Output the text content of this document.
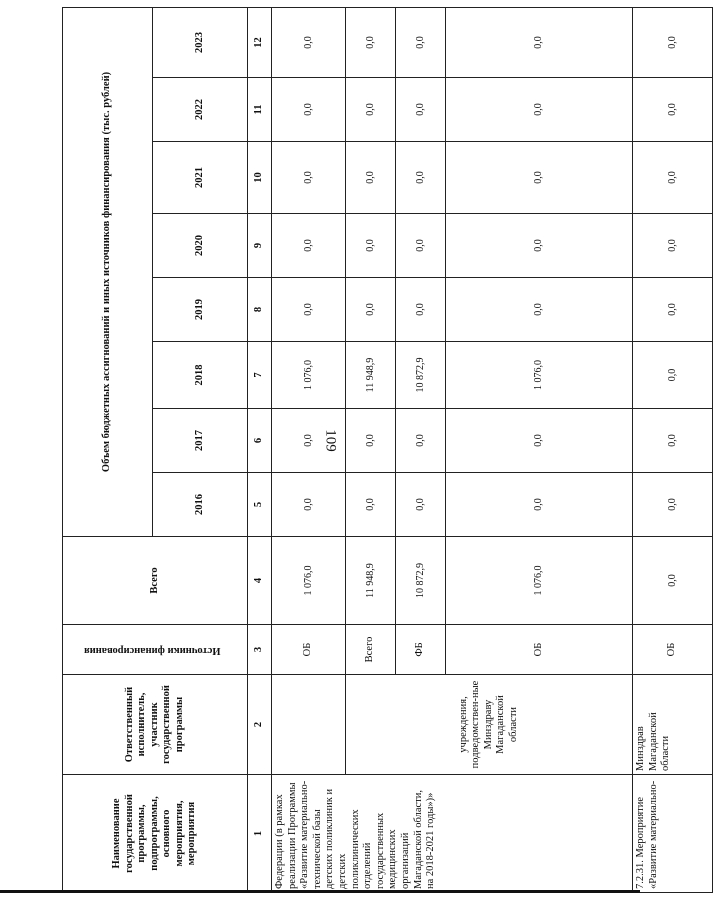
109
Наименование государственной программы, подпрограммы, основного мероприятия, мероприятия	Ответственный исполнитель, участник государственной программы	Источники финансирования	Всего	Объем бюджетных ассигнований и иных источников финансирования (тыс. рублей)							
				2016	2017	2018	2019	2020	2021	2022	2023
1	2	3	4	5	6	7	8	9	10	11	12
Федерации (в рамках реализации Программы «Развитие материально-технической базы детских поликлиник и детских поликлинических отделений государственных медицинских организаций Магаданской области, на 2018-2021 годы»)»		ОБ	1 076,0	0,0	0,0	1 076,0	0,0	0,0	0,0	0,0	0,0
	учреждения, подведомствен-ные Минздраву Магаданской области	Всего	11 948,9	0,0	0,0	11 948,9	0,0	0,0	0,0	0,0	0,0
		ФБ	10 872,9	0,0	0,0	10 872,9	0,0	0,0	0,0	0,0	0,0
		ОБ	1 076,0	0,0	0,0	1 076,0	0,0	0,0	0,0	0,0	0,0
7.2.31. Мероприятие «Развитие материально-	Минздрав Магаданской области	ОБ	0,0	0,0	0,0	0,0	0,0	0,0	0,0	0,0	0,0
